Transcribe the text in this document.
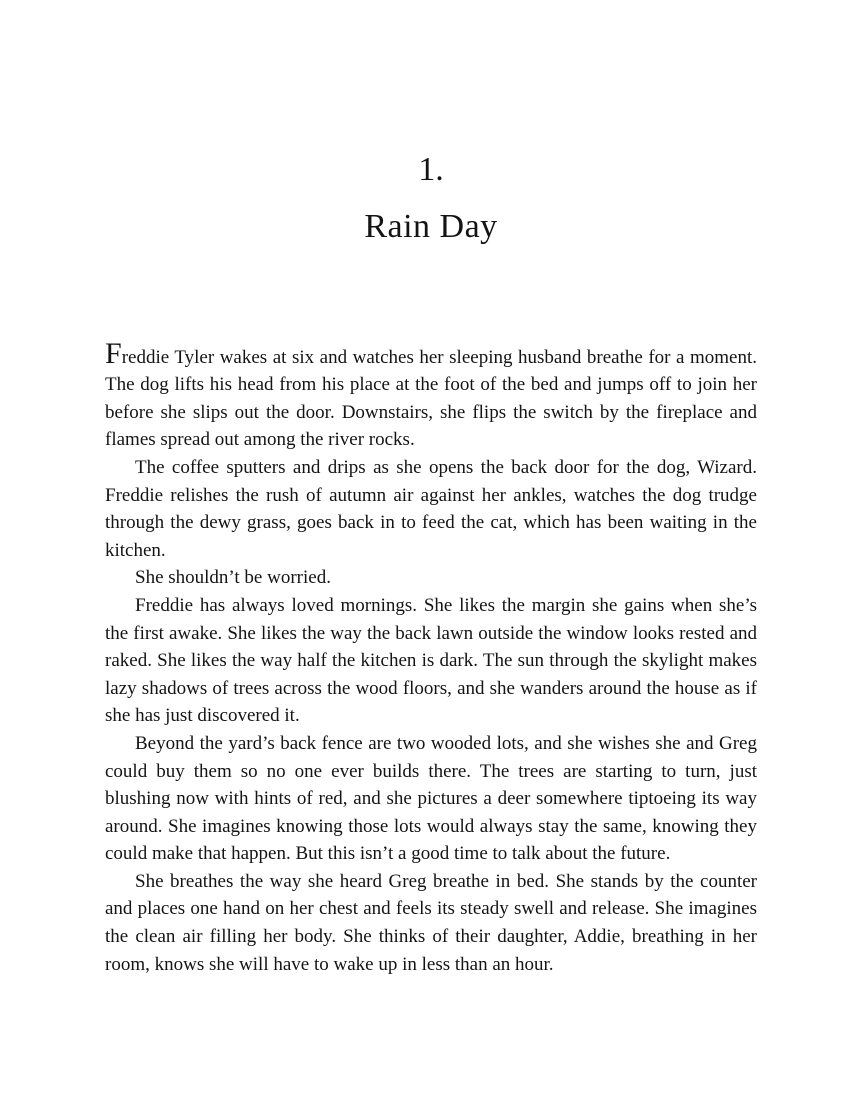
1.
Rain Day

Freddie Tyler wakes at six and watches her sleeping husband breathe for a moment. The dog lifts his head from his place at the foot of the bed and jumps off to join her before she slips out the door. Downstairs, she flips the switch by the fireplace and flames spread out among the river rocks.

The coffee sputters and drips as she opens the back door for the dog, Wizard. Freddie relishes the rush of autumn air against her ankles, watches the dog trudge through the dewy grass, goes back in to feed the cat, which has been waiting in the kitchen.

She shouldn’t be worried.

Freddie has always loved mornings. She likes the margin she gains when she’s the first awake. She likes the way the back lawn outside the window looks rested and raked. She likes the way half the kitchen is dark. The sun through the skylight makes lazy shadows of trees across the wood floors, and she wanders around the house as if she has just discovered it.

Beyond the yard’s back fence are two wooded lots, and she wishes she and Greg could buy them so no one ever builds there. The trees are starting to turn, just blushing now with hints of red, and she pictures a deer somewhere tiptoeing its way around. She imagines knowing those lots would always stay the same, knowing they could make that happen. But this isn’t a good time to talk about the future.

She breathes the way she heard Greg breathe in bed. She stands by the counter and places one hand on her chest and feels its steady swell and release. She imagines the clean air filling her body. She thinks of their daughter, Addie, breathing in her room, knows she will have to wake up in less than an hour.
